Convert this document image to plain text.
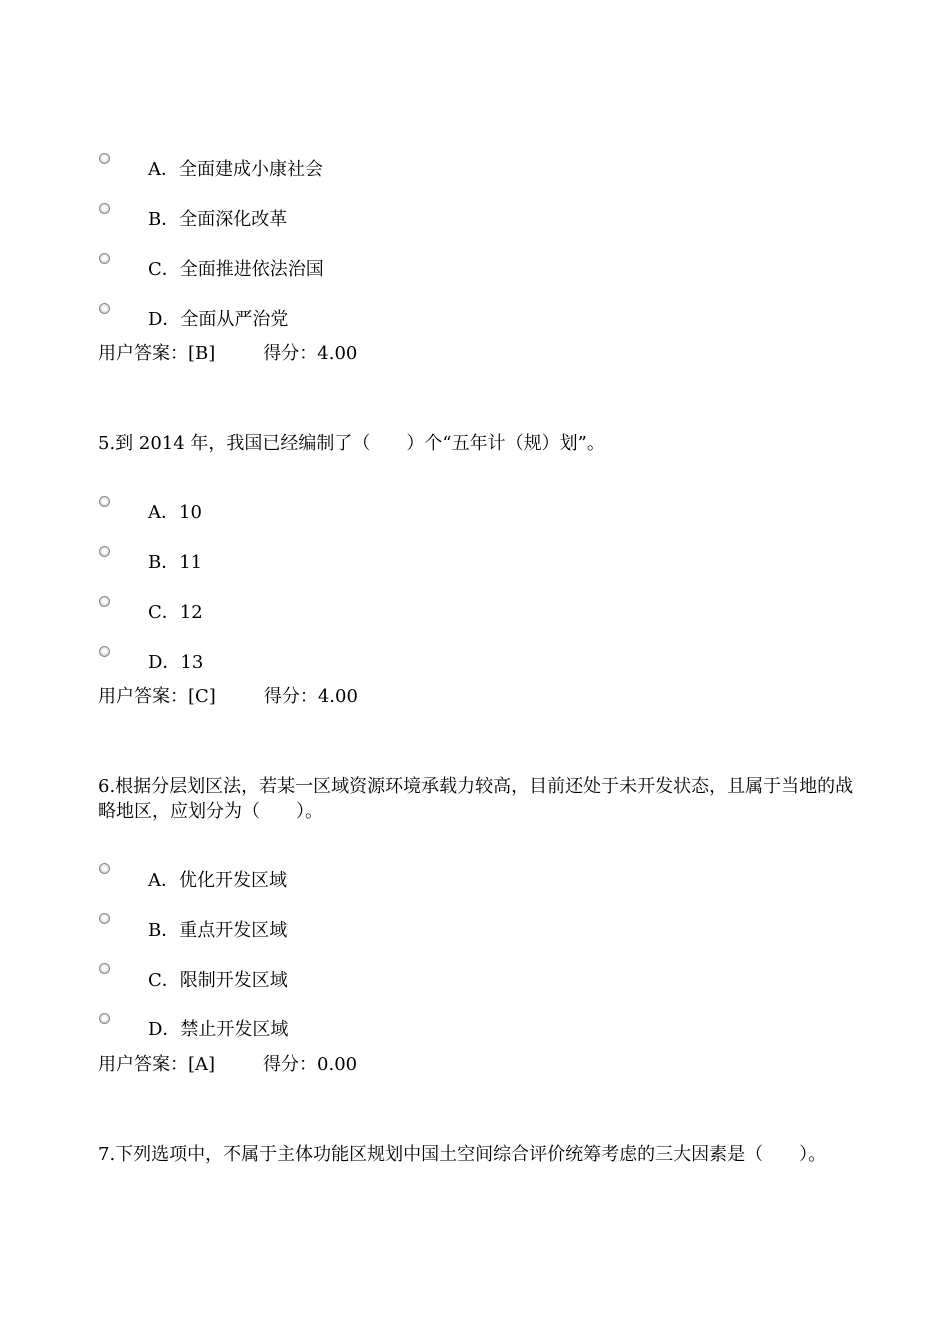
A．全面建成小康社会
B．全面深化改革
C．全面推进依法治国
D．全面从严治党
用户答案：[B]	得分：4.00
5.到 2014 年，我国已经编制了（　　）个“五年计（规）划”。
A．10
B．11
C．12
D．13
用户答案：[C]	得分：4.00
6.根据分层划区法，若某一区域资源环境承载力较高，目前还处于未开发状态，且属于当地的战
略地区，应划分为（　　）。
A．优化开发区域
B．重点开发区域
C．限制开发区域
D．禁止开发区域
用户答案：[A]	得分：0.00
7.下列选项中，不属于主体功能区规划中国土空间综合评价统筹考虑的三大因素是（　　）。
